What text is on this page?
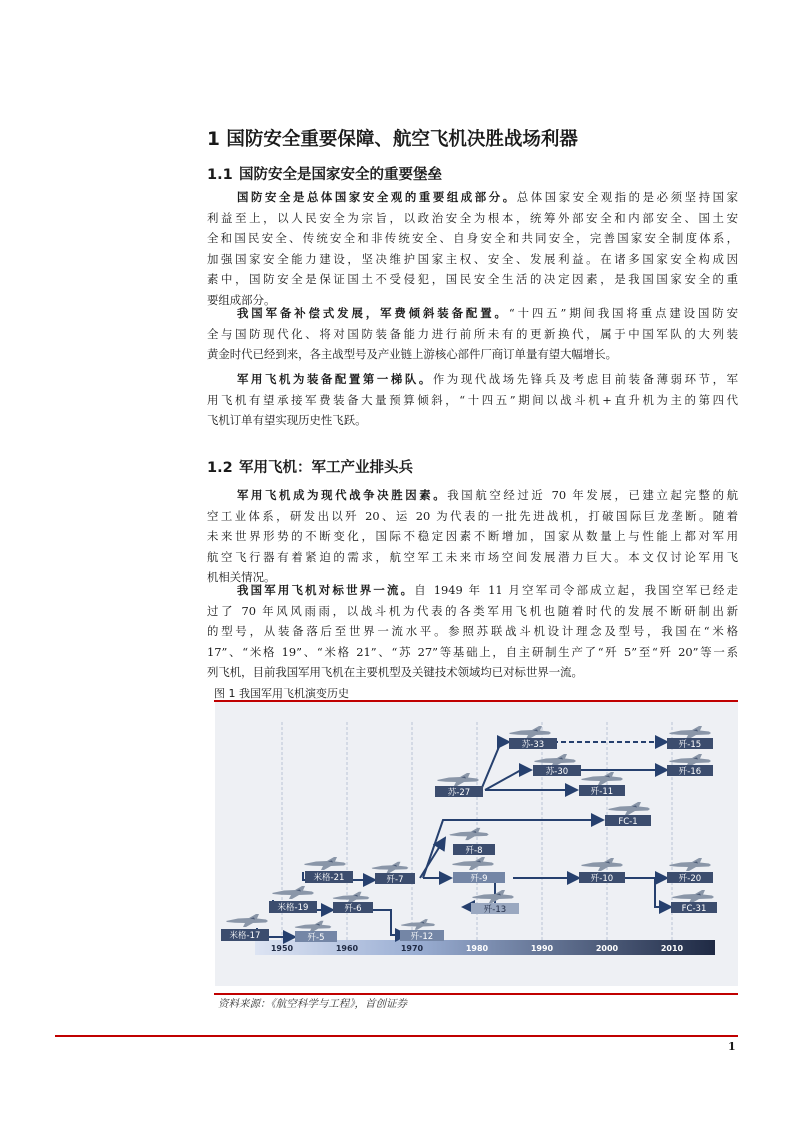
1 国防安全重要保障、航空飞机决胜战场利器
1.1 国防安全是国家安全的重要堡垒
国防安全是总体国家安全观的重要组成部分。总体国家安全观指的是必须坚持国家
利益至上，以人民安全为宗旨，以政治安全为根本，统筹外部安全和内部安全、国土安
全和国民安全、传统安全和非传统安全、自身安全和共同安全，完善国家安全制度体系，
加强国家安全能力建设，坚决维护国家主权、安全、发展利益。在诸多国家安全构成因
素中，国防安全是保证国土不受侵犯，国民安全生活的决定因素，是我国国家安全的重
要组成部分。
我国军备补偿式发展，军费倾斜装备配置。“十四五”期间我国将重点建设国防安
全与国防现代化、将对国防装备能力进行前所未有的更新换代，属于中国军队的大列装
黄金时代已经到来，各主战型号及产业链上游核心部件厂商订单量有望大幅增长。
军用飞机为装备配置第一梯队。作为现代战场先锋兵及考虑目前装备薄弱环节，军
用飞机有望承接军费装备大量预算倾斜，“十四五”期间以战斗机+直升机为主的第四代
飞机订单有望实现历史性飞跃。
1.2 军用飞机：军工产业排头兵
军用飞机成为现代战争决胜因素。我国航空经过近 70 年发展，已建立起完整的航
空工业体系，研发出以歼 20、运 20 为代表的一批先进战机，打破国际巨龙垄断。随着
未来世界形势的不断变化，国际不稳定因素不断增加，国家从数量上与性能上都对军用
航空飞行器有着紧迫的需求，航空军工未来市场空间发展潜力巨大。本文仅讨论军用飞
机相关情况。
我国军用飞机对标世界一流。自 1949 年 11 月空军司令部成立起，我国空军已经走
过了 70 年风风雨雨，以战斗机为代表的各类军用飞机也随着时代的发展不断研制出新
的型号，从装备落后至世界一流水平。参照苏联战斗机设计理念及型号，我国在“米格
17”、“米格 19”、“米格 21”、“苏 27”等基础上，自主研制生产了“歼 5”至“歼 20”等一系
列飞机，目前我国军用飞机在主要机型及关键技术领域均已对标世界一流。

图 1 我国军用飞机演变历史

1950	1960	1970	1980	1990	2000	2010
米格-17	歼-5
米格-19	歼-6
米格-21	歼-7
歼-12
歼-8
歼-9
歼-13
苏-27
苏-33
苏-30
歼-11
FC-1
歼-10
歼-15
歼-16
歼-20
FC-31

资料来源：《航空科学与工程》，首创证券

1
